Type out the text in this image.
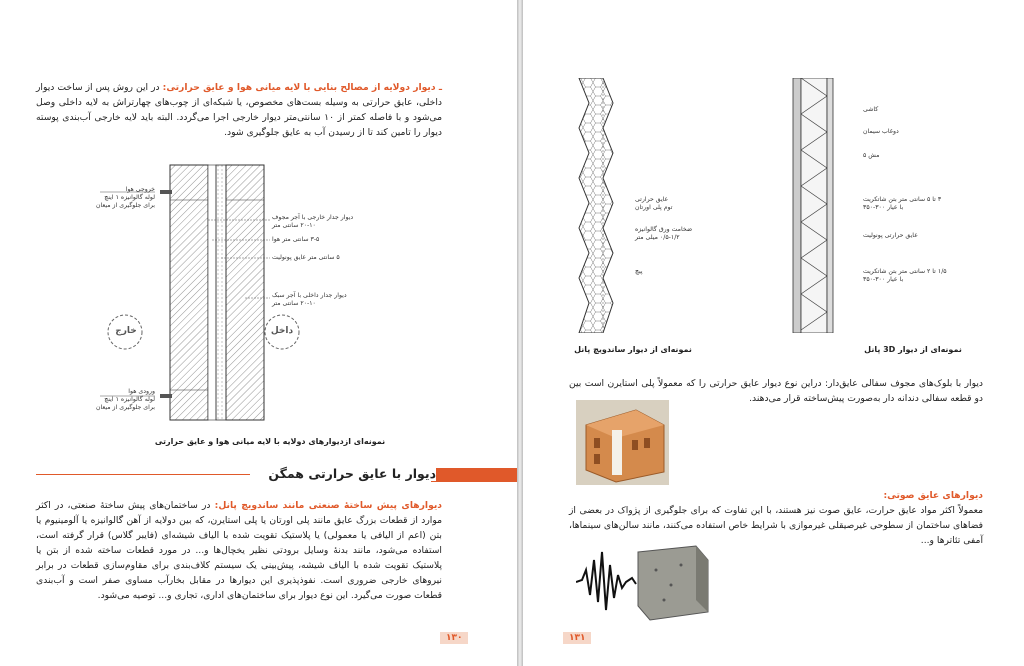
ـ دیوار دولایه از مصالح بنایی با لایه میانی هوا و عایق حرارتی: در این روش پس از ساخت دیوار داخلی، عایق حرارتی به وسیله بست‌های مخصوص، یا شبکه‌ای از چوب‌های چهارتراش به لایه داخلی وصل می‌شود و با فاصله کمتر از ۱۰ سانتی‌متر دیوار خارجی اجرا می‌گردد. البته باید لایه خارجی آب‌بندی پوسته دیوار را تامین کند تا از رسیدن آب به عایق جلوگیری شود.
خروجی هوا
لوله گالوانیزه ۱ اینچ
برای جلوگیری از میعان
دیوار جدار خارجی با آجر مجوف
۲۰-۱۰ سانتی متر
۳-۵ سانتی متر هوا
۵ سانتی متر عایق پونولیت
دیوار جدار داخلی با آجر سبک
۲۰-۱۰ سانتی متر
خارج	داخل
ورودی هوا
لوله گالوانیزه ۱ اینچ
برای جلوگیری از میعان
نمونه‌ای ازدیوارهای دولایه با لایه میانی هوا و عایق حرارتی
دیوار با عایق حرارتی همگن
دیوارهای پیش ساختۀ صنعتی مانند ساندویچ پانل: در ساختمان‌های پیش ساختۀ صنعتی، در اکثر موارد از قطعات بزرگ عایق مانند پلی اورتان یا پلی استایرن، که بین دولایه از آهن گالوانیزه یا آلومینیوم یا بتن (اعم از الیافی یا معمولی) یا پلاستیک تقویت شده با الیاف شیشه‌ای (فایبر گلاس) قرار گرفته است، استفاده می‌شود، مانند بدنۀ وسایل برودتی نظیر یخچال‌ها و... در مورد قطعات ساخته شده از بتن یا پلاستیک تقویت شده با الیاف شیشه، پیش‌بینی یک سیستم کلاف‌بندی برای مقاوم‌سازی قطعات در برابر نیروهای خارجی ضروری است. نفوذپذیری این دیوارها در مقابل بخارآب مساوی صفر است و آب‌بندی قطعات صورت می‌گیرد. این نوع دیوار برای ساختمان‌های اداری، تجاری و... توصیه می‌شود.
۱۳۰
عایق حرارتی
توم پلی اورتان
ضخامت ورق گالوانیزه
۰/۵-۱/۲ میلی متر
پیچ
نمونه‌ای از دیوار ساندویچ پانل
کاشی
دوغاب سیمان
مش ۵
۳ تا ۵ سانتی متر بتن شاتکریت
با عیار ۳۰۰-۳۵۰
عایق حرارتی پونولیت
۱/۵ تا ۲ سانتی متر بتن شاتکریت
با عیار ۳۰۰-۳۵۰
نمونه‌ای از دیوار 3D پانل
دیوار با بلوک‌های مجوف سفالی عایق‌دار: دراین نوع دیوار عایق حرارتی را که معمولاً پلی استایرن است بین دو قطعه سفالی دندانه دار به‌صورت پیش‌ساخته قرار می‌دهند.
دیوارهای عایق صوتی:
معمولاً اکثر مواد عایق حرارت، عایق صوت نیز هستند، با این تفاوت که برای جلوگیری از پژواک در بعضی از فضاهای ساختمان از سطوحی غیرصیقلی غیرموازی با شرایط خاص استفاده می‌کنند، مانند سالن‌های سینماها، آمفی تئاترها و...
۱۳۱
